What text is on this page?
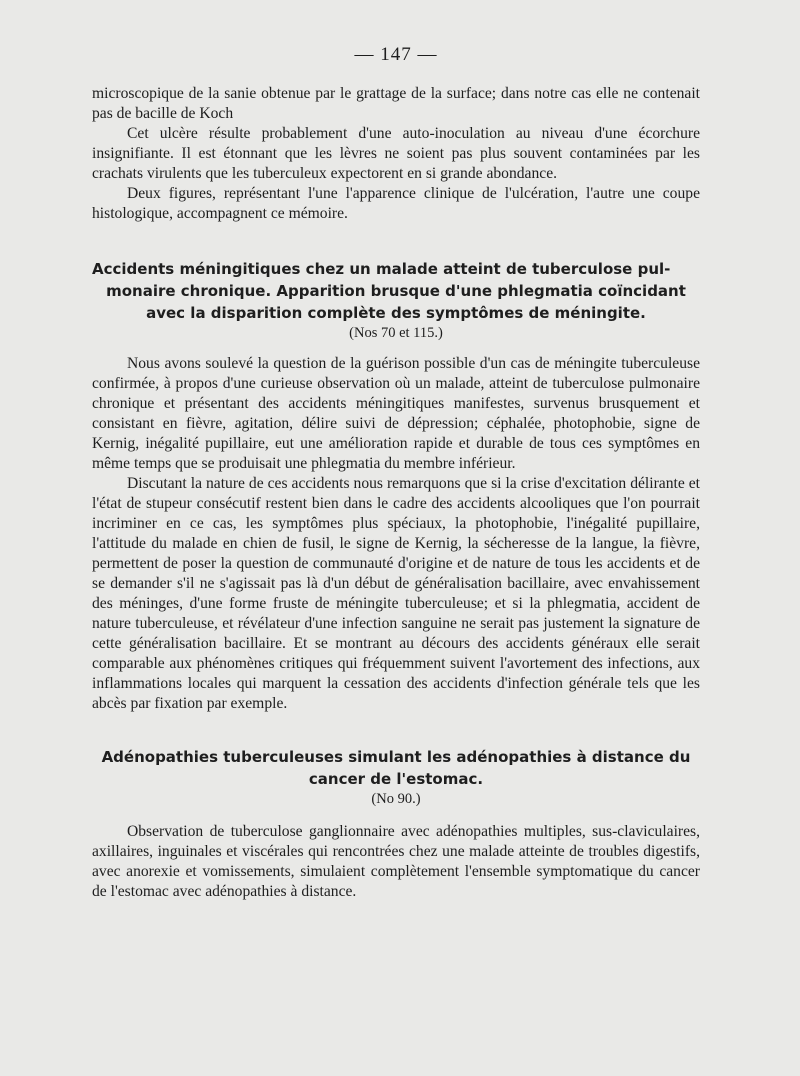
— 147 —

microscopique de la sanie obtenue par le grattage de la surface; dans notre cas elle ne contenait pas de bacille de Koch

Cet ulcère résulte probablement d'une auto-inoculation au niveau d'une écorchure insignifiante. Il est étonnant que les lèvres ne soient pas plus souvent contaminées par les crachats virulents que les tuberculeux expectorent en si grande abondance.

Deux figures, représentant l'une l'apparence clinique de l'ulcération, l'autre une coupe histologique, accompagnent ce mémoire.

Accidents méningitiques chez un malade atteint de tuberculose pul-
monaire chronique. Apparition brusque d'une phlegmatia coïncidant avec la disparition complète des symptômes de méningite.
(Nos 70 et 115.)

Nous avons soulevé la question de la guérison possible d'un cas de méningite tuberculeuse confirmée, à propos d'une curieuse observation où un malade, atteint de tuberculose pulmonaire chronique et présentant des accidents méningitiques manifestes, survenus brusquement et consistant en fièvre, agitation, délire suivi de dépression; céphalée, photophobie, signe de Kernig, inégalité pupillaire, eut une amélioration rapide et durable de tous ces symptômes en même temps que se produisait une phlegmatia du membre inférieur.

Discutant la nature de ces accidents nous remarquons que si la crise d'excitation délirante et l'état de stupeur consécutif restent bien dans le cadre des accidents alcooliques que l'on pourrait incriminer en ce cas, les symptômes plus spéciaux, la photophobie, l'inégalité pupillaire, l'attitude du malade en chien de fusil, le signe de Kernig, la sécheresse de la langue, la fièvre, permettent de poser la question de communauté d'origine et de nature de tous les accidents et de se demander s'il ne s'agissait pas là d'un début de généralisation bacillaire, avec envahissement des méninges, d'une forme fruste de méningite tuberculeuse; et si la phlegmatia, accident de nature tuberculeuse, et révélateur d'une infection sanguine ne serait pas justement la signature de cette généralisation bacillaire. Et se montrant au décours des accidents généraux elle serait comparable aux phénomènes critiques qui fréquemment suivent l'avortement des infections, aux inflammations locales qui marquent la cessation des accidents d'infection générale tels que les abcès par fixation par exemple.

Adénopathies tuberculeuses simulant les adénopathies à distance du cancer de l'estomac.
(No 90.)

Observation de tuberculose ganglionnaire avec adénopathies multiples, sus-claviculaires, axillaires, inguinales et viscérales qui rencontrées chez une malade atteinte de troubles digestifs, avec anorexie et vomissements, simulaient complètement l'ensemble symptomatique du cancer de l'estomac avec adénopathies à distance.
